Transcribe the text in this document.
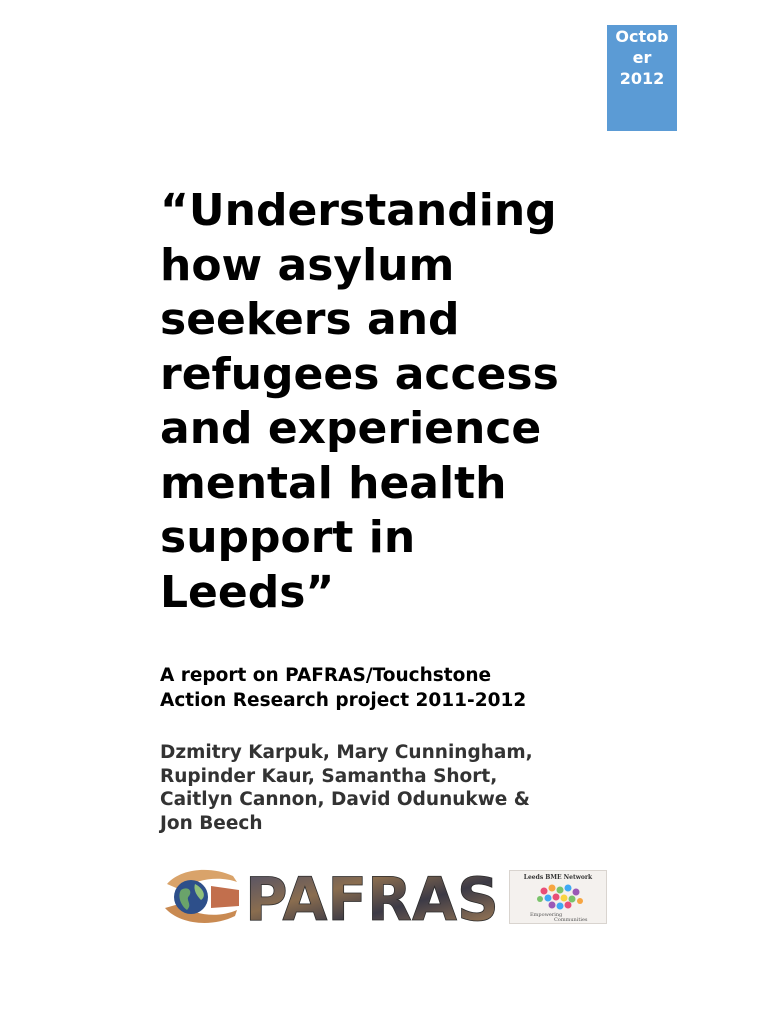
Octob
er
2012
“Understanding
how asylum
seekers and
refugees access
and experience
mental health
support in
Leeds”

A report on PAFRAS/Touchstone
Action Research project 2011-2012

Dzmitry Karpuk, Mary Cunningham,
Rupinder Kaur, Samantha Short,
Caitlyn Cannon, David Odunukwe &
Jon Beech

PAFRAS	Leeds BME Network
Empowering
Communities
